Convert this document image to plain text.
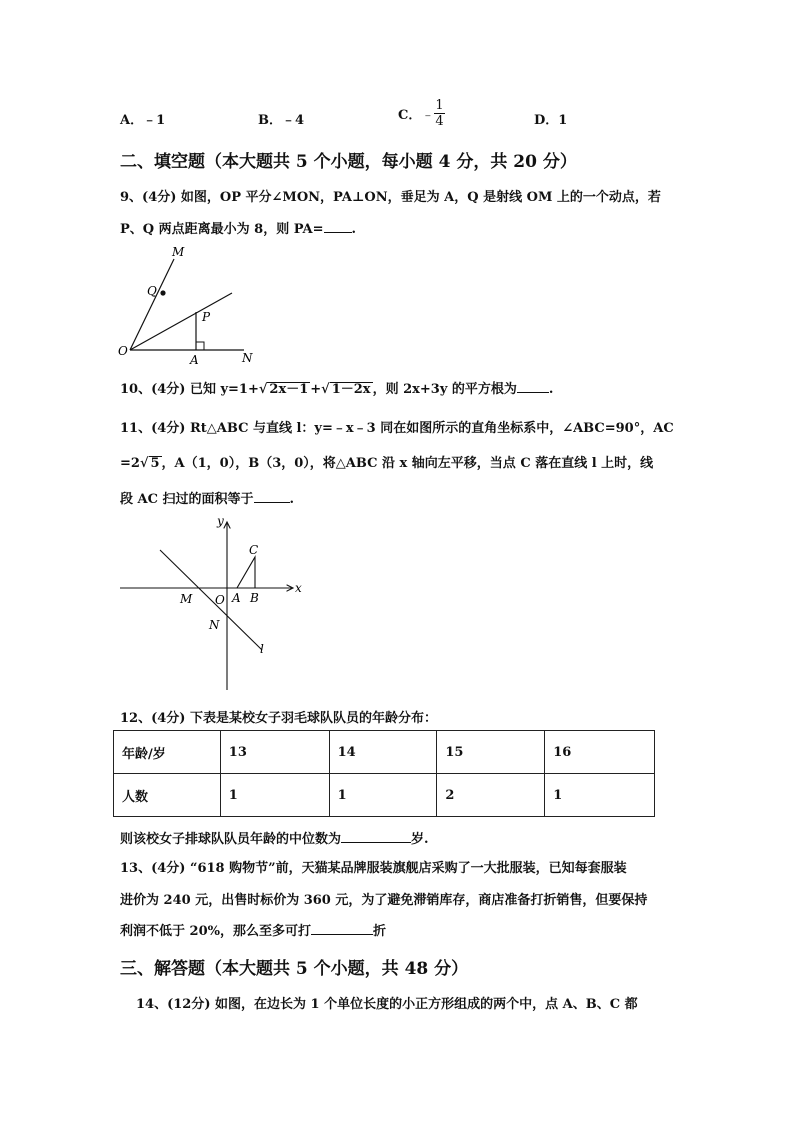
A．﹣1	B．﹣4	C．﹣ $\frac{1}{4}$	D．1
二、填空题（本大题共 5 个小题，每小题 4 分，共 20 分）
9、(4分) 如图，OP 平分∠MON，PA⊥ON，垂足为 A，Q 是射线 OM 上的一个动点，若
P、Q 两点距离最小为 8，则 PA= .
M
Q
P
O
A	N
10、(4分) 已知 y=1+√ 2x－1 +√ 1－2x ，则 2x+3y 的平方根为 .
11、(4分) Rt△ABC 与直线 l：y=﹣x﹣3 同在如图所示的直角坐标系中，∠ABC=90°，AC
=2√ 5 ，A（1，0），B（3，0），将△ABC 沿 x 轴向左平移，当点 C 落在直线 l 上时，线
段 AC 扫过的面积等于	.
y
x
C
M O A B
N
l
12、(4分) 下表是某校女子羽毛球队队员的年龄分布：
年龄/岁	13	14	15	16
人数	1	1	2	1
则该校女子排球队队员年龄的中位数为	岁.
13、(4分) “618 购物节”前，天猫某品牌服装旗舰店采购了一大批服装，已知每套服装
进价为 240 元，出售时标价为 360 元，为了避免滞销库存，商店准备打折销售，但要保持
利润不低于 20%，那么至多可打	折
三、解答题（本大题共 5 个小题，共 48 分）
14、(12分) 如图，在边长为 1 个单位长度的小正方形组成的两个中，点 A、B、C 都
